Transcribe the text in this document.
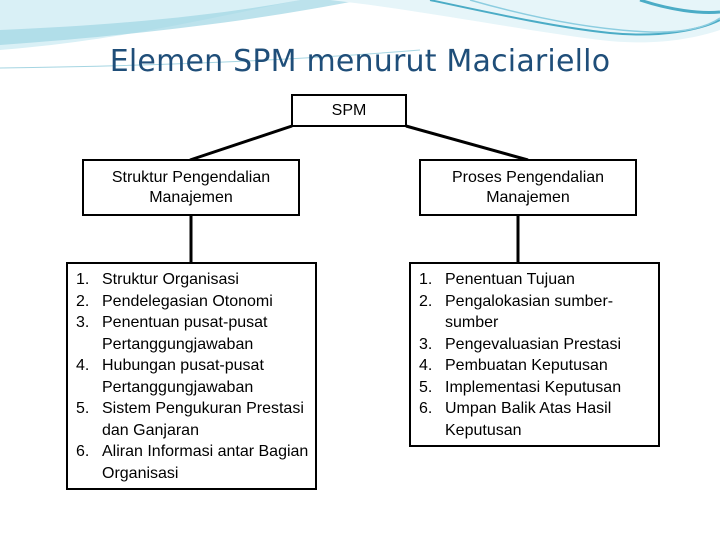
Elemen SPM menurut Maciariello
SPM
Struktur Pengendalian Manajemen
Proses Pengendalian Manajemen
1. Struktur Organisasi
2. Pendelegasian Otonomi
3. Penentuan pusat-pusat Pertanggungjawaban
4. Hubungan pusat-pusat Pertanggungjawaban
5. Sistem Pengukuran Prestasi dan Ganjaran
6. Aliran Informasi antar Bagian Organisasi
1. Penentuan Tujuan
2. Pengalokasian sumber-sumber
3. Pengevaluasian Prestasi
4. Pembuatan Keputusan
5. Implementasi Keputusan
6. Umpan Balik Atas Hasil Keputusan
